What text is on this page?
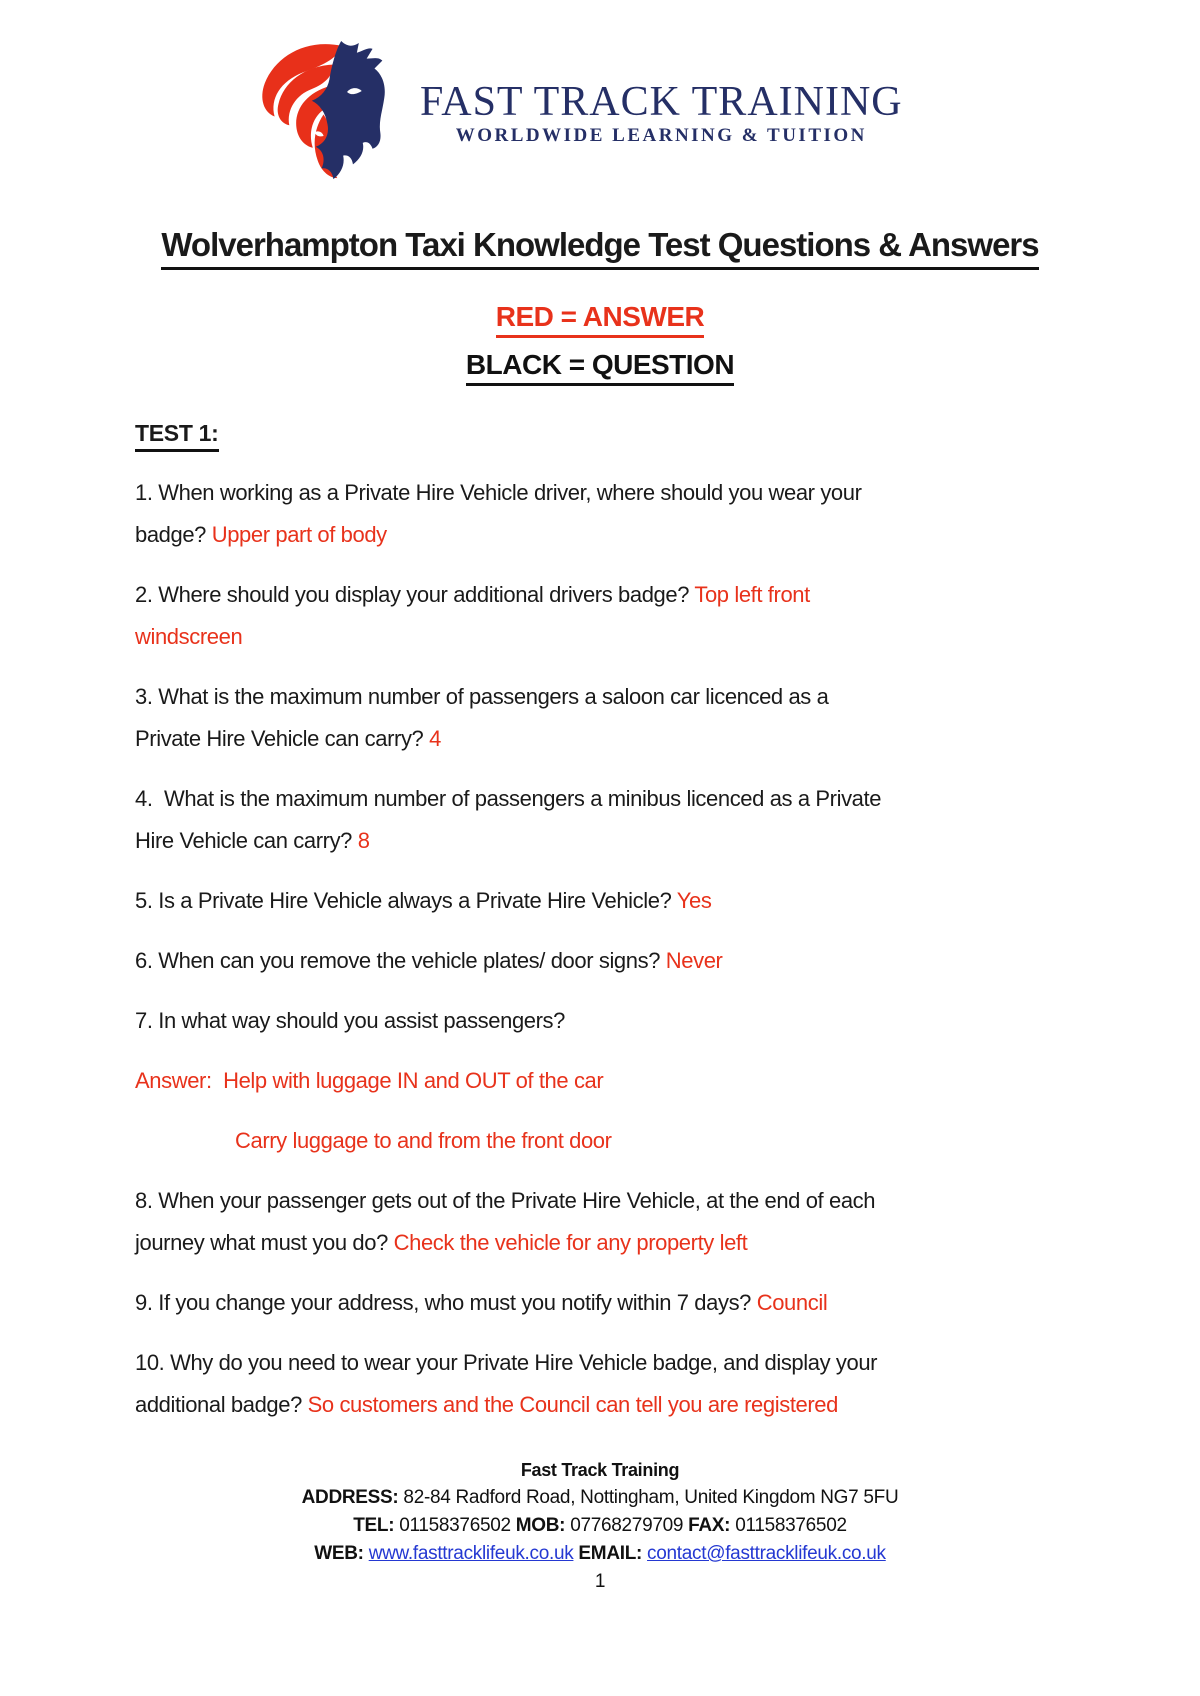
FAST TRACK TRAINING
WORLDWIDE LEARNING & TUITION
Wolverhampton Taxi Knowledge Test Questions & Answers
RED = ANSWER
BLACK = QUESTION
TEST 1:
1. When working as a Private Hire Vehicle driver, where should you wear your
badge? Upper part of body
2. Where should you display your additional drivers badge? Top left front
windscreen
3. What is the maximum number of passengers a saloon car licenced as a
Private Hire Vehicle can carry? 4
4.  What is the maximum number of passengers a minibus licenced as a Private
Hire Vehicle can carry? 8
5. Is a Private Hire Vehicle always a Private Hire Vehicle? Yes
6. When can you remove the vehicle plates/ door signs? Never
7. In what way should you assist passengers?
Answer:  Help with luggage IN and OUT of the car
Carry luggage to and from the front door
8. When your passenger gets out of the Private Hire Vehicle, at the end of each
journey what must you do? Check the vehicle for any property left
9. If you change your address, who must you notify within 7 days? Council
10. Why do you need to wear your Private Hire Vehicle badge, and display your
additional badge? So customers and the Council can tell you are registered
Fast Track Training
ADDRESS: 82-84 Radford Road, Nottingham, United Kingdom NG7 5FU
TEL: 01158376502 MOB: 07768279709 FAX: 01158376502
WEB: www.fasttracklifeuk.co.uk EMAIL: contact@fasttracklifeuk.co.uk
1
